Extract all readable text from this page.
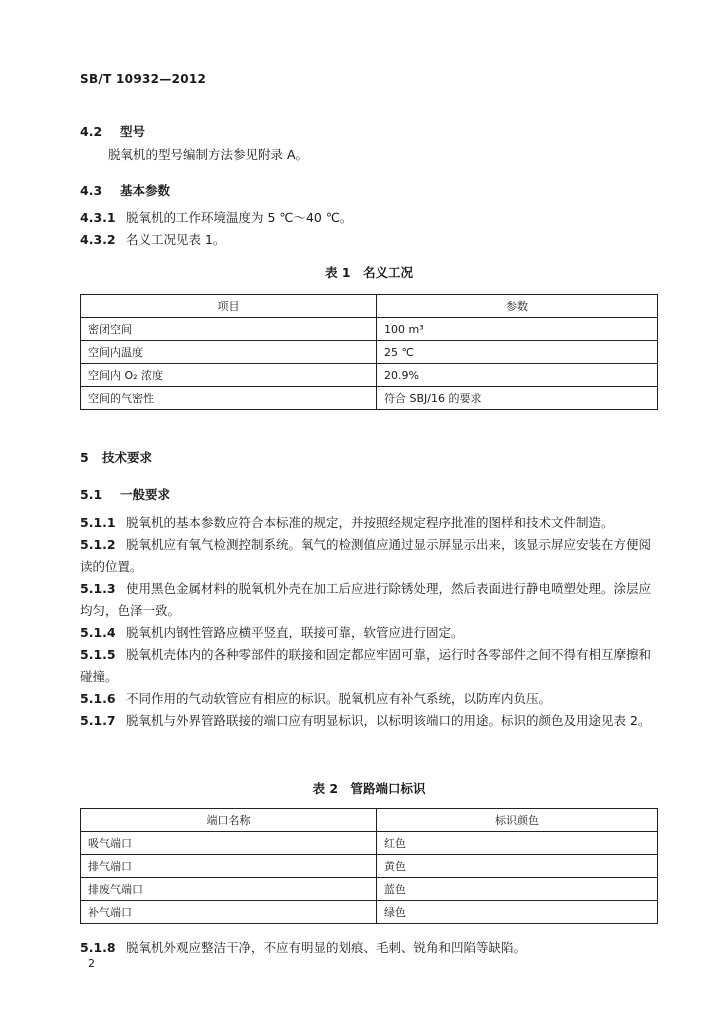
SB/T 10932—2012
4.2 型号
脱氧机的型号编制方法参见附录 A。
4.3 基本参数
4.3.1 脱氧机的工作环境温度为 5 ℃～40 ℃。
4.3.2 名义工况见表 1。
表 1　名义工况
项目	参数
密闭空间	100 m³
空间内温度	25 ℃
空间内 O₂ 浓度	20.9%
空间的气密性	符合 SBJ/16 的要求
5 技术要求
5.1 一般要求
5.1.1 脱氧机的基本参数应符合本标准的规定，并按照经规定程序批准的图样和技术文件制造。
5.1.2 脱氧机应有氧气检测控制系统。氧气的检测值应通过显示屏显示出来，该显示屏应安装在方便阅读的位置。
5.1.3 使用黑色金属材料的脱氧机外壳在加工后应进行除锈处理，然后表面进行静电喷塑处理。涂层应均匀，色泽一致。
5.1.4 脱氧机内钢性管路应横平竖直，联接可靠，软管应进行固定。
5.1.5 脱氧机壳体内的各种零部件的联接和固定都应牢固可靠，运行时各零部件之间不得有相互摩擦和碰撞。
5.1.6 不同作用的气动软管应有相应的标识。脱氧机应有补气系统，以防库内负压。
5.1.7 脱氧机与外界管路联接的端口应有明显标识，以标明该端口的用途。标识的颜色及用途见表 2。
表 2　管路端口标识
端口名称	标识颜色
吸气端口	红色
排气端口	黄色
排废气端口	蓝色
补气端口	绿色
5.1.8 脱氧机外观应整洁干净，不应有明显的划痕、毛刺、锐角和凹陷等缺陷。
2
